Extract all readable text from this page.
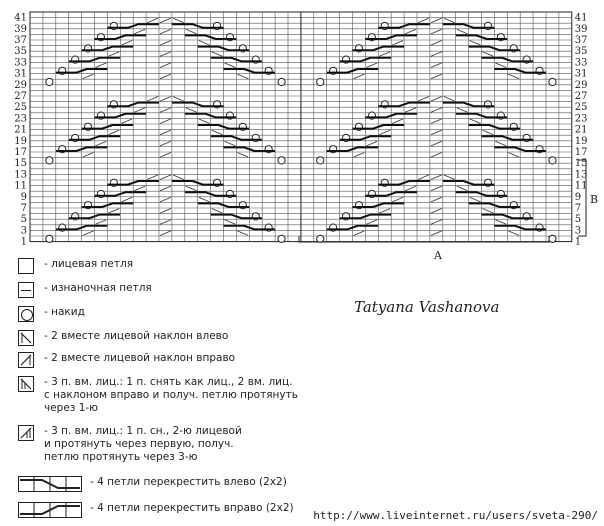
41
39
37
35
33
31
29
27
25
23
21
19
17
15
13
11
9
7
5
3
1
41
39
37
35
33
31
29
27
25
23
21
19
17
15
13
11
9
7
5
3
1
A
B
- лицевая петля
- изнаночная петля
- накид
- 2 вместе лицевой наклон влево
- 2 вместе лицевой наклон вправо
- 3 п. вм. лиц.: 1 п. снять как лиц., 2 вм. лиц.
с наклоном вправо и получ. петлю протянуть
через 1-ю
- 3 п. вм. лиц.: 1 п. сн., 2-ю лицевой
и протянуть через первую, получ.
петлю протянуть через 3-ю
- 4 петли перекрестить влево (2х2)
- 4 петли перекрестить вправо (2х2)
Tatyana Vashanova
http://www.liveinternet.ru/users/sveta-290/
